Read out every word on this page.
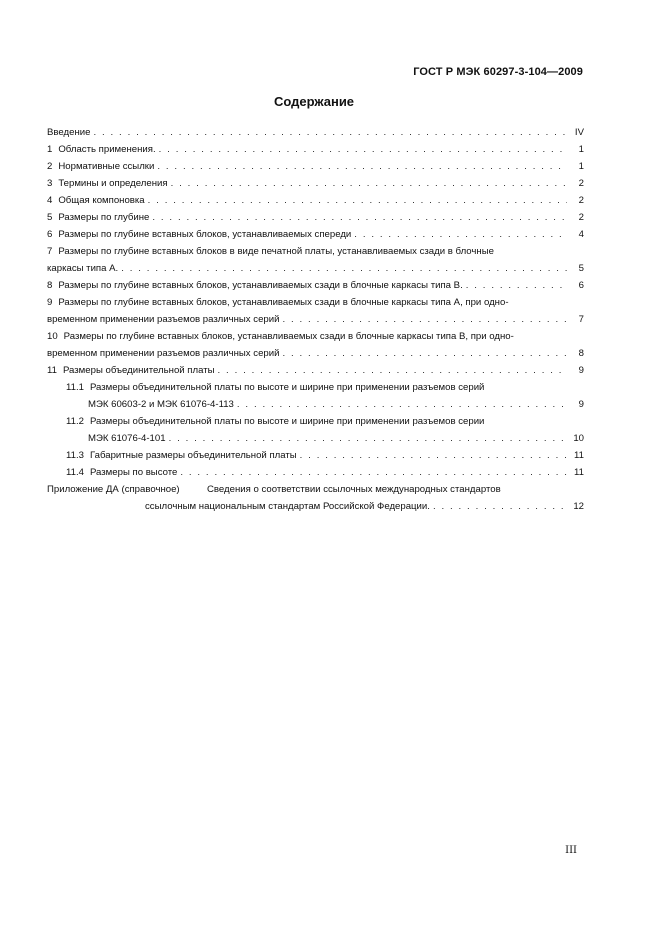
ГОСТ Р МЭК 60297-3-104—2009
Содержание
Введение . . .	IV
1 Область применения. . . .	1
2 Нормативные ссылки . . .	1
3 Термины и определения . . .	2
4 Общая компоновка . . .	2
5 Размеры по глубине . . .	2
6 Размеры по глубине вставных блоков, устанавливаемых спереди . . .	4
7 Размеры по глубине вставных блоков в виде печатной платы, устанавливаемых сзади в блочные
каркасы типа А. . . .	5
8 Размеры по глубине вставных блоков, устанавливаемых сзади в блочные каркасы типа В. . . .	6
9 Размеры по глубине вставных блоков, устанавливаемых сзади в блочные каркасы типа А, при одно-
временном применении разъемов различных серий . . .	7
10 Размеры по глубине вставных блоков, устанавливаемых сзади в блочные каркасы типа В, при одно-
временном применении разъемов различных серий . . .	8
11 Размеры объединительной платы . . .	9
11.1 Размеры объединительной платы по высоте и ширине при применении разъемов серий
МЭК 60603-2 и МЭК 61076-4-113 . . .	9
11.2 Размеры объединительной платы по высоте и ширине при применении разъемов серии
МЭК 61076-4-101 . . .	10
11.3 Габаритные размеры объединительной платы . . .	11
11.4 Размеры по высоте . . .	11
Приложение ДА (справочное)	Сведения о соответствии ссылочных международных стандартов
ссылочным национальным стандартам Российской Федерации. . . .	12
III
